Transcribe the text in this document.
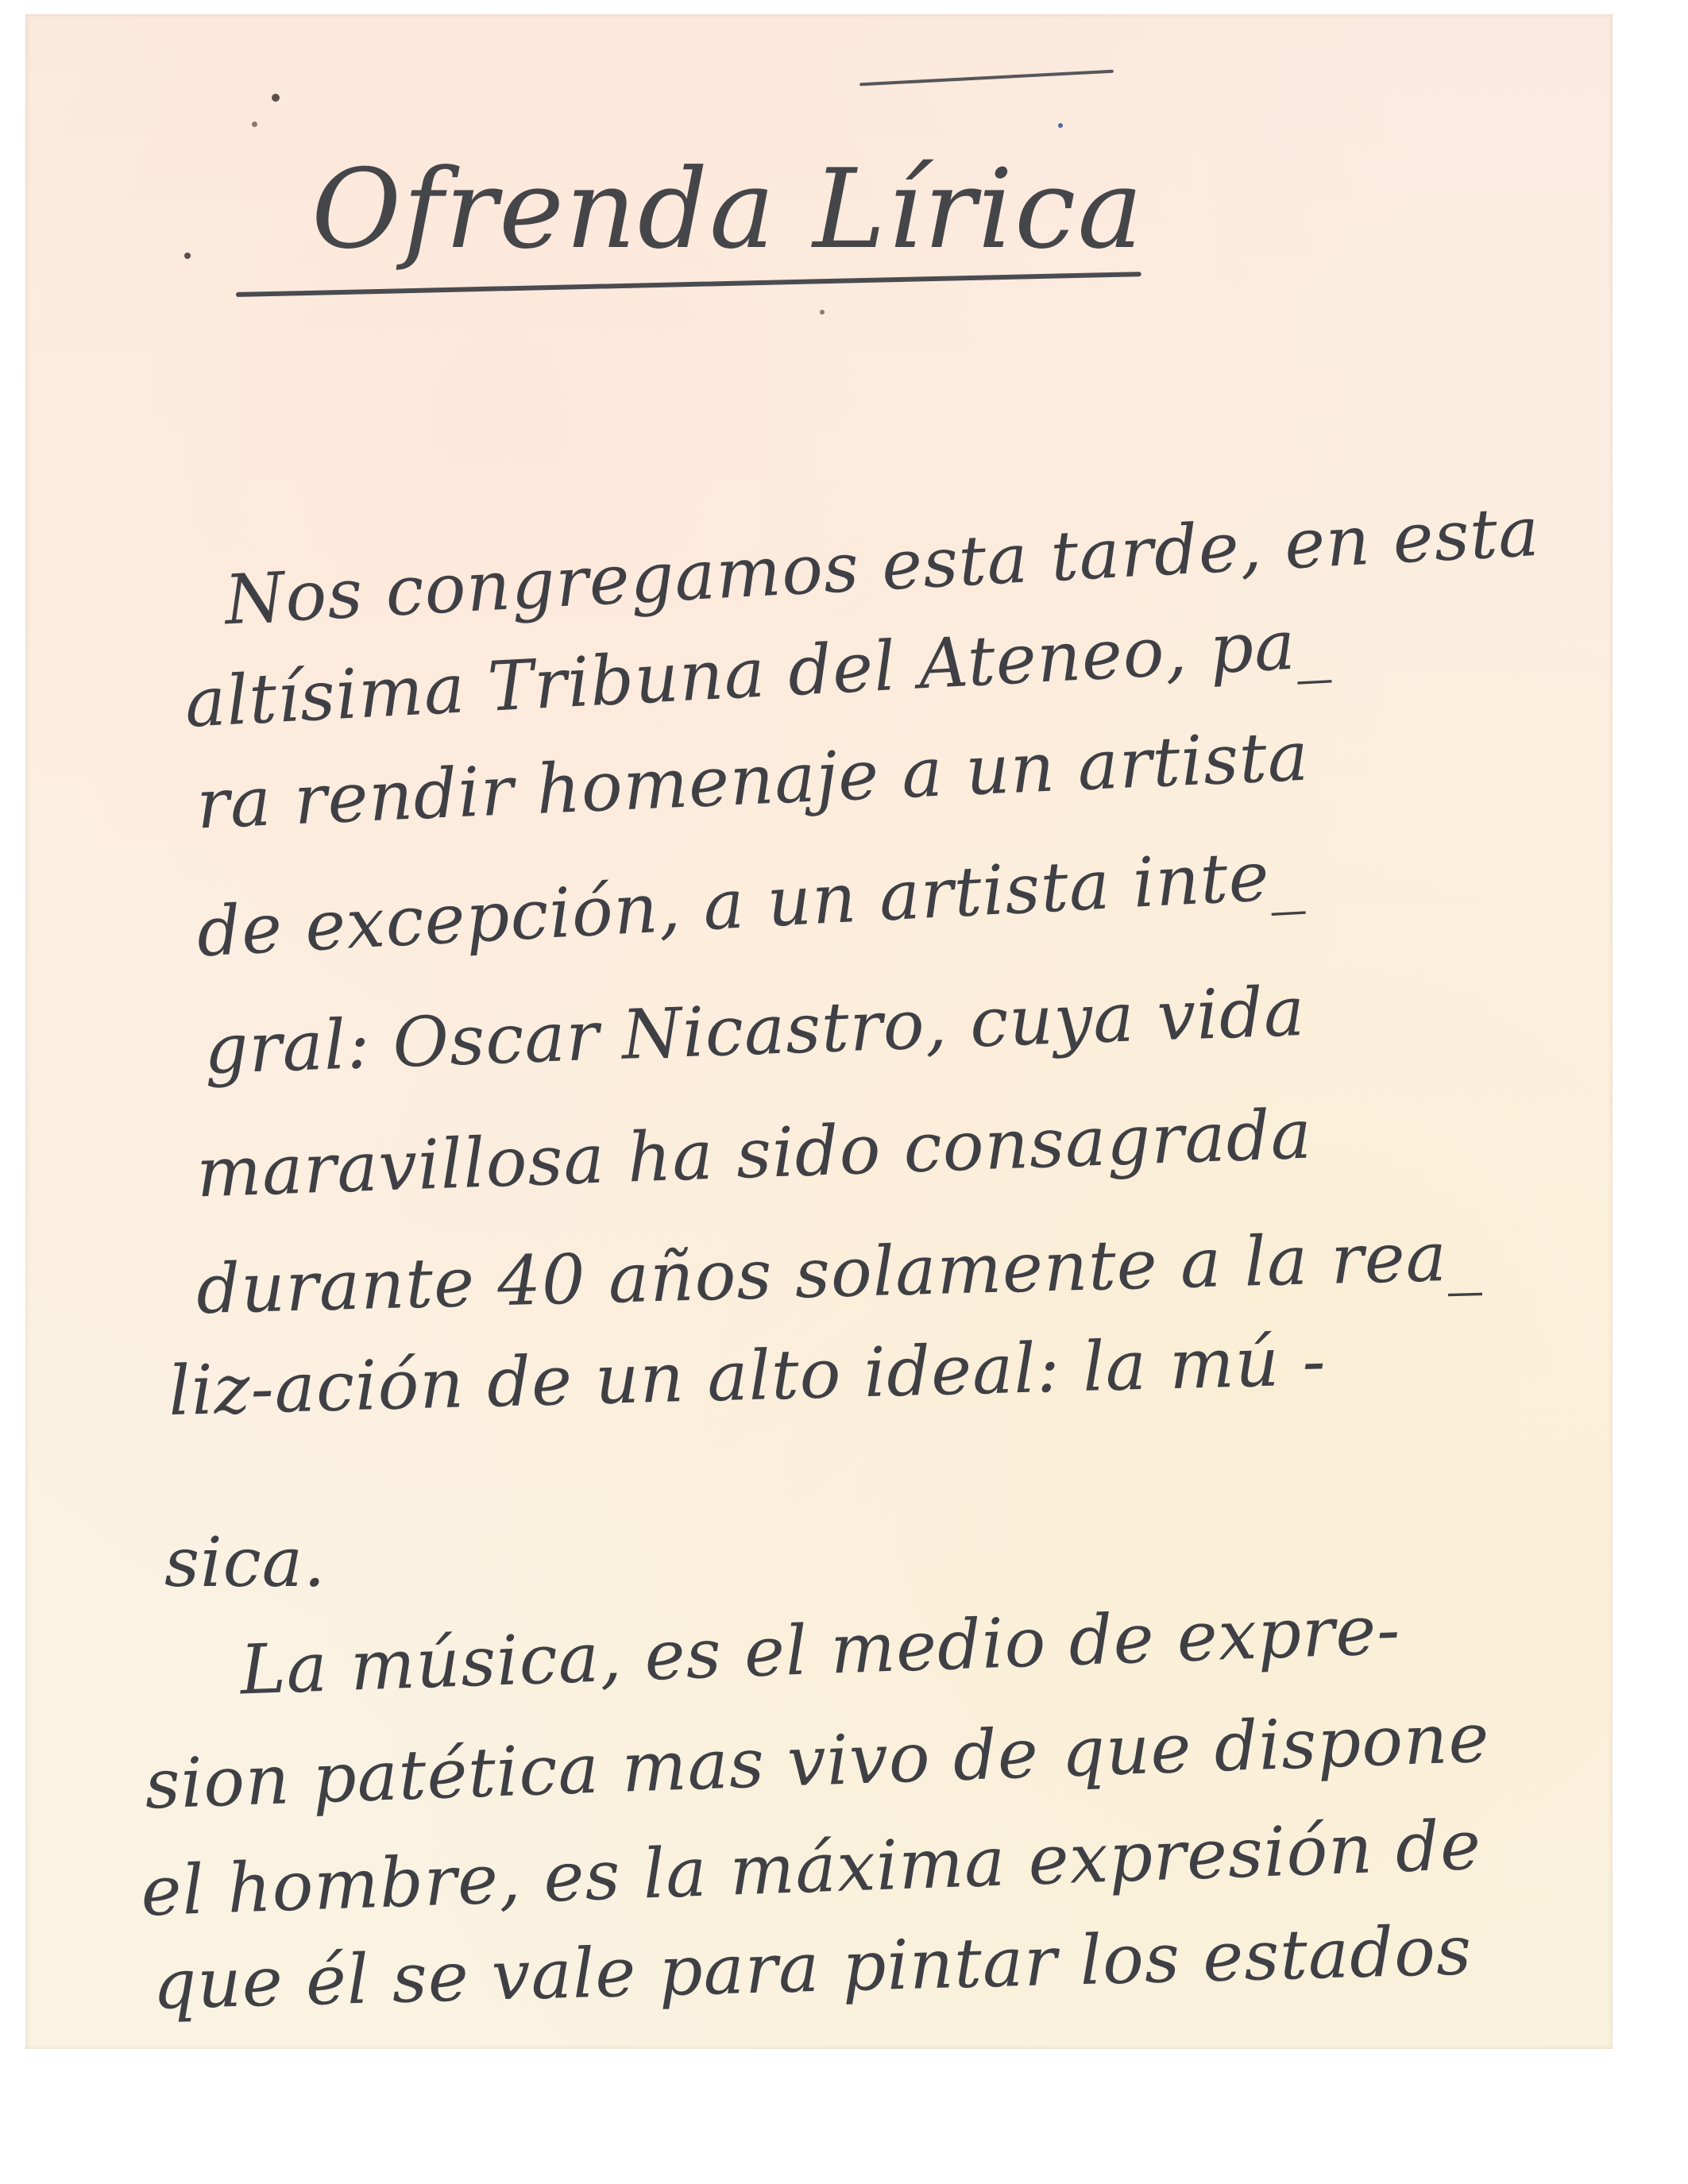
Ofrenda Lírica
Nos congregamos esta tarde, en esta
altísima Tribuna del Ateneo, pa_
ra rendir homenaje a un artista
de excepción, a un artista inte_
gral: Oscar Nicastro, cuya vida
maravillosa ha sido consagrada
durante 40 años solamente a la rea_
liz-ación de un alto ideal: la mú -
sica.
La música, es el medio de expre-
sion patética mas vivo de que dispone
el hombre, es la máxima expresión de
que él se vale para pintar los estados
